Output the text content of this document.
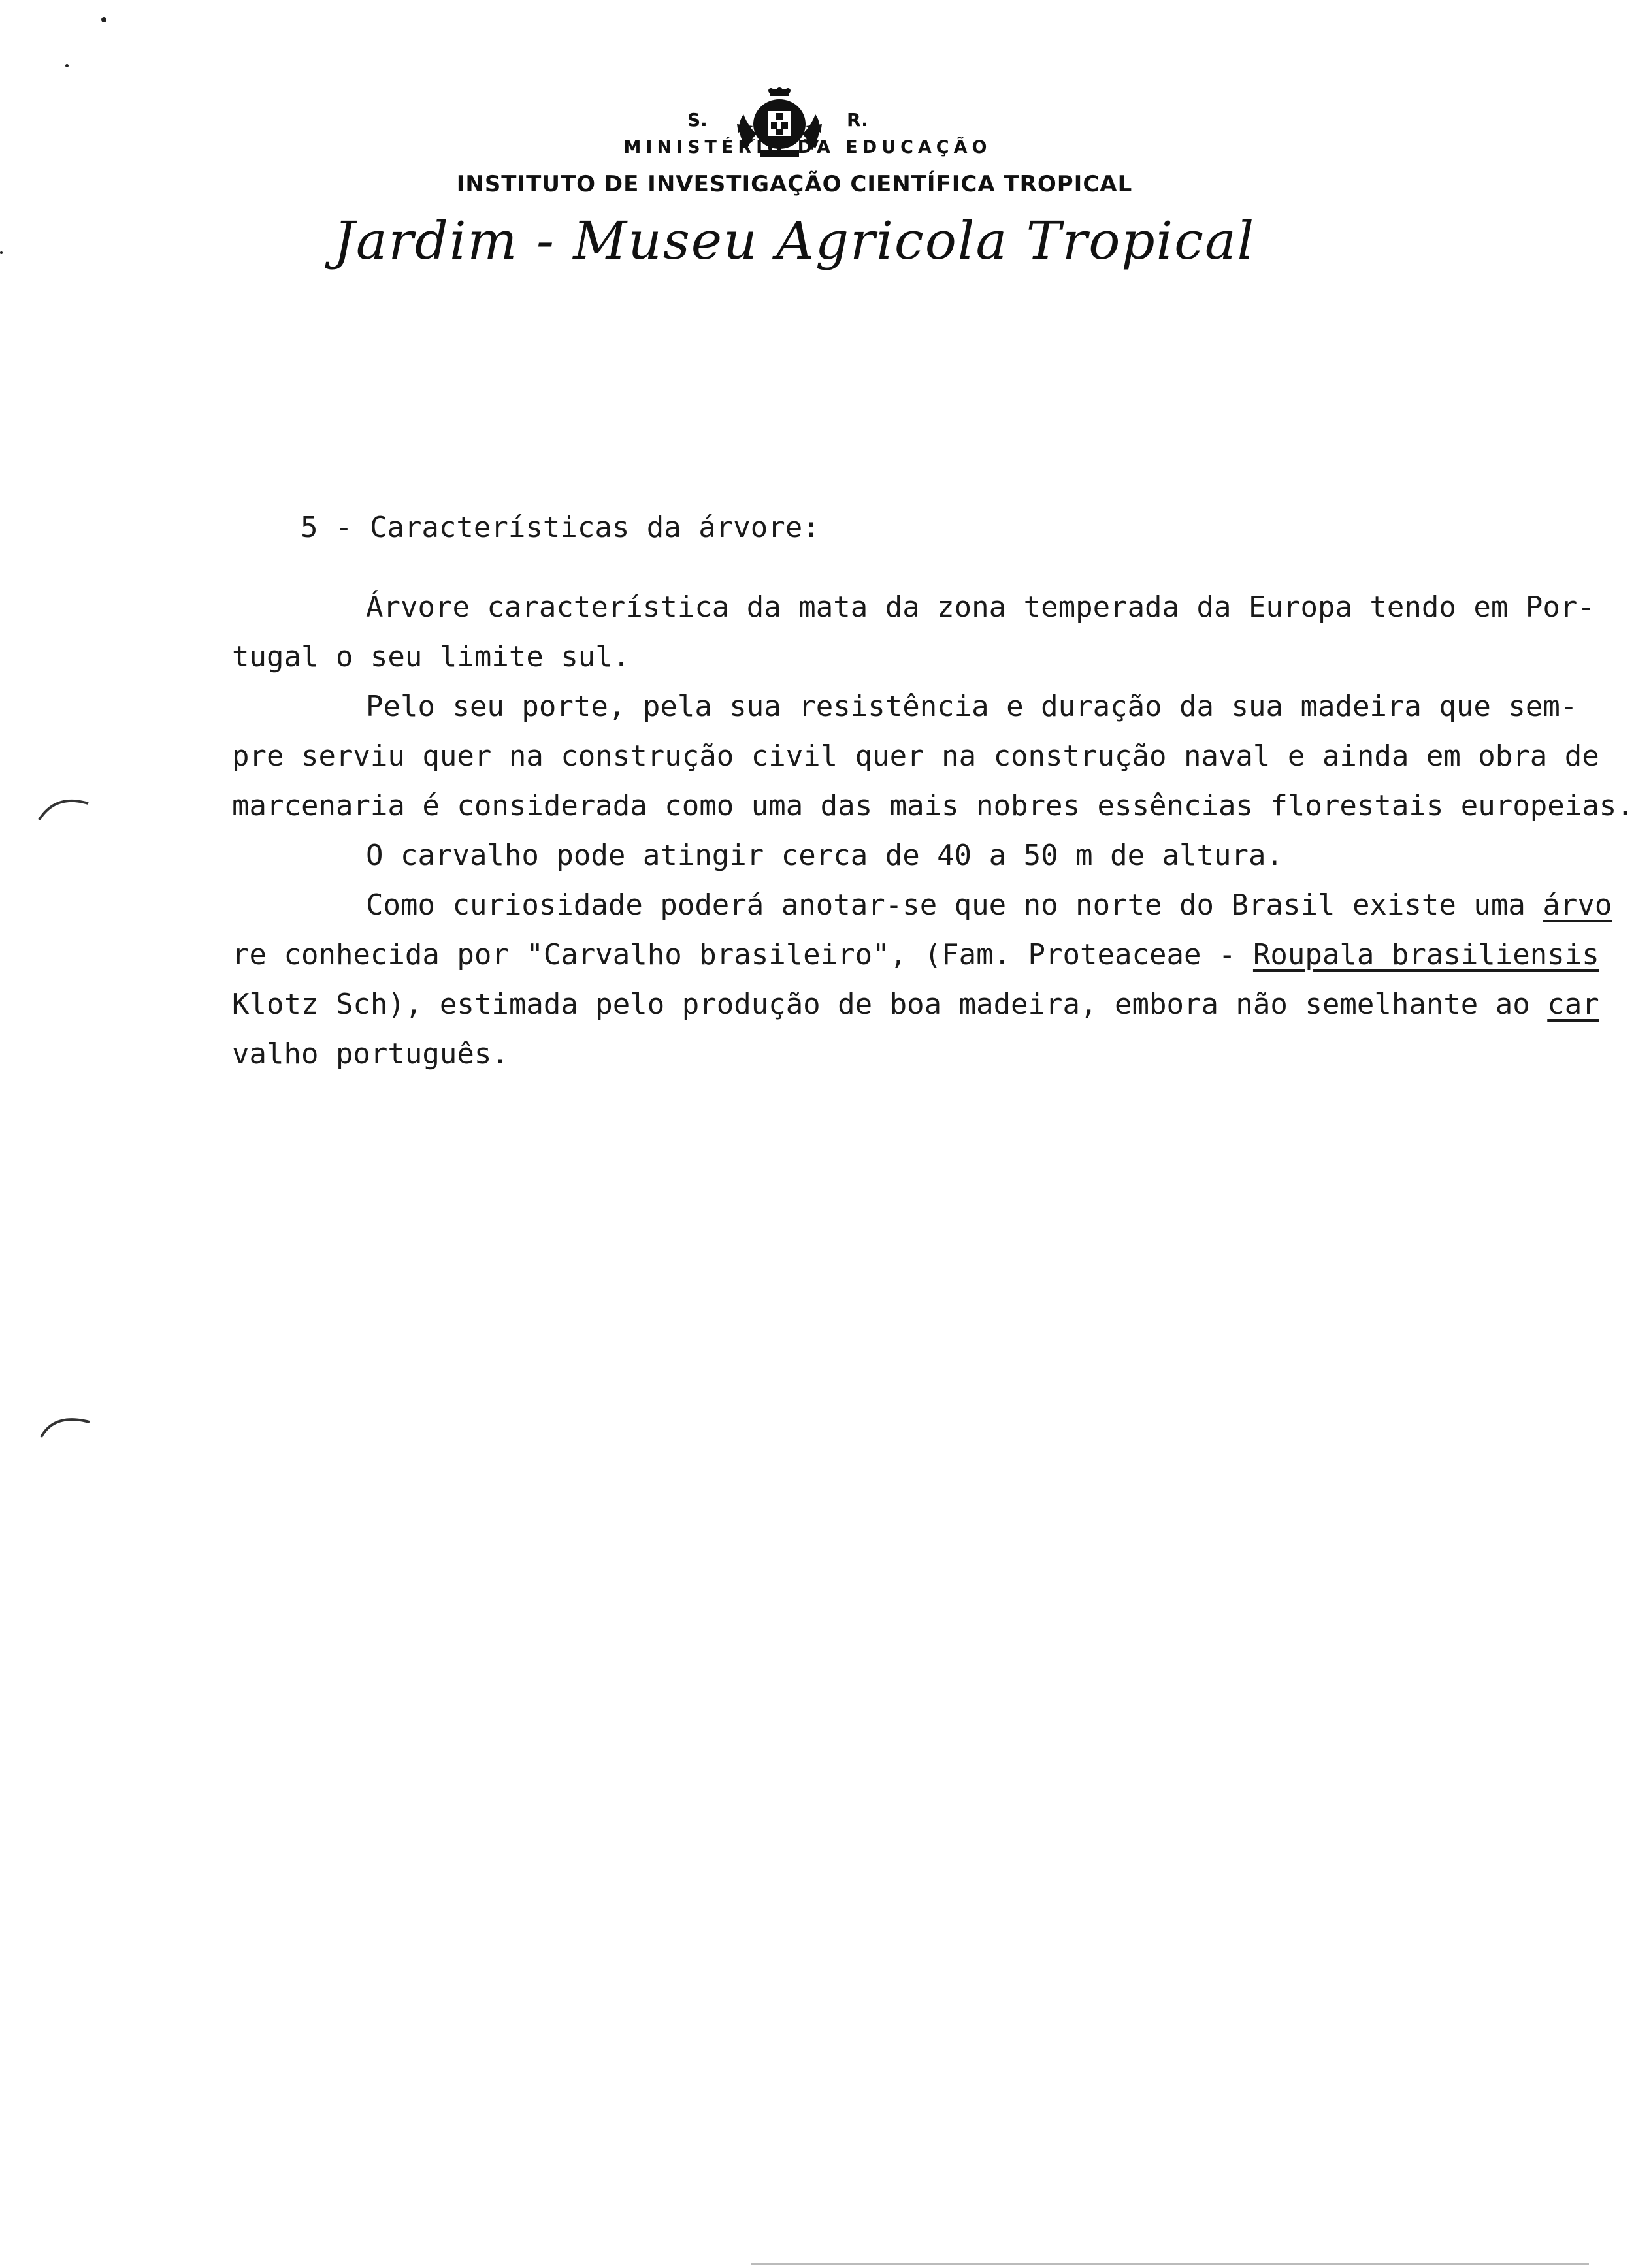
S.	R.
MINISTÉRIO DA EDUCAÇÃO
INSTITUTO DE INVESTIGAÇÃO CIENTÍFICA TROPICAL
Jardim - Museu Agricola Tropical
5 - Características da árvore:
Árvore característica da mata da zona temperada da Europa tendo em Por-
tugal o seu limite sul.
Pelo seu porte, pela sua resistência e duração da sua madeira que sem-
pre serviu quer na construção civil quer na construção naval e ainda em obra de
marcenaria é considerada como uma das mais nobres essências florestais europeias.
O carvalho pode atingir cerca de 40 a 50 m de altura.
Como curiosidade poderá anotar-se que no norte do Brasil existe uma árvo
re conhecida por "Carvalho brasileiro", (Fam. Proteaceae - Roupala brasiliensis
Klotz Sch), estimada pelo produção de boa madeira, embora não semelhante ao car
valho português.
